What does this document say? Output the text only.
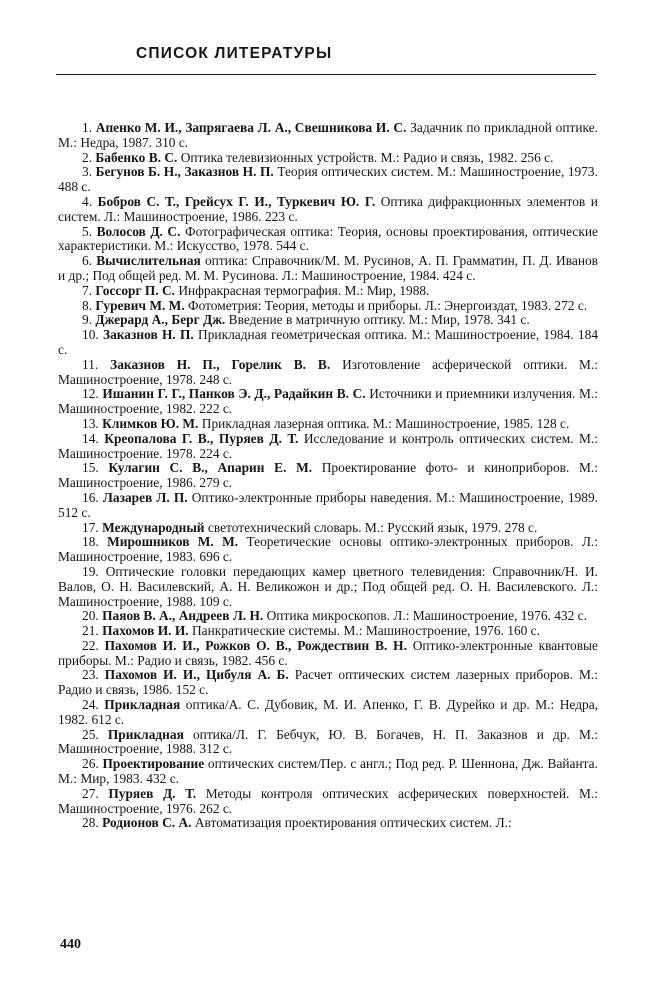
СПИСОК ЛИТЕРАТУРЫ

1. Апенко М. И., Запрягаева Л. А., Свешникова И. С. Задачник по прикладной оптике. М.: Недра, 1987. 310 с.

2. Бабенко В. С. Оптика телевизионных устройств. М.: Радио и связь, 1982. 256 с.

3. Бегунов Б. Н., Заказнов Н. П. Теория оптических систем. М.: Машиностроение, 1973. 488 с.

4. Бобров С. Т., Грейсух Г. И., Туркевич Ю. Г. Оптика дифракционных элементов и систем. Л.: Машиностроение, 1986. 223 с.

5. Волосов Д. С. Фотографическая оптика: Теория, основы проектирования, оптические характеристики. М.: Искусство, 1978. 544 с.

6. Вычислительная оптика: Справочник/М. М. Русинов, А. П. Грамматин, П. Д. Иванов и др.; Под общей ред. М. М. Русинова. Л.: Машиностроение, 1984. 424 с.

7. Госсорг П. С. Инфракрасная термография. М.: Мир, 1988.

8. Гуревич М. М. Фотометрия: Теория, методы и приборы. Л.: Энергоиздат, 1983. 272 с.

9. Джерард А., Берг Дж. Введение в матричную оптику. М.: Мир, 1978. 341 с.

10. Заказнов Н. П. Прикладная геометрическая оптика. М.: Машиностроение, 1984. 184 с.

11. Заказнов Н. П., Горелик В. В. Изготовление асферической оптики. М.: Машиностроение, 1978. 248 с.

12. Ишанин Г. Г., Панков Э. Д., Радайкин В. С. Источники и приемники излучения. М.: Машиностроение, 1982. 222 с.

13. Климков Ю. М. Прикладная лазерная оптика. М.: Машиностроение, 1985. 128 с.

14. Креопалова Г. В., Пуряев Д. Т. Исследование и контроль оптических систем. М.: Машиностроение. 1978. 224 с.

15. Кулагин С. В., Апарин Е. М. Проектирование фото- и киноприборов. М.: Машиностроение, 1986. 279 с.

16. Лазарев Л. П. Оптико-электронные приборы наведения. М.: Машиностроение, 1989. 512 с.

17. Международный светотехнический словарь. М.: Русский язык, 1979. 278 с.

18. Мирошников М. М. Теоретические основы оптико-электронных приборов. Л.: Машиностроение, 1983. 696 с.

19. Оптические головки передающих камер цветного телевидения: Справочник/Н. И. Валов, О. Н. Василевский, А. Н. Великожон и др.; Под общей ред. О. Н. Василевского. Л.: Машиностроение, 1988. 109 с.

20. Паяов В. А., Андреев Л. Н. Оптика микроскопов. Л.: Машиностроение, 1976. 432 с.

21. Пахомов И. И. Панкратические системы. М.: Машиностроение, 1976. 160 с.

22. Пахомов И. И., Рожков О. В., Рождествин В. Н. Оптико-электронные квантовые приборы. М.: Радио и связь, 1982. 456 с.

23. Пахомов И. И., Цибуля А. Б. Расчет оптических систем лазерных приборов. М.: Радио и связь, 1986. 152 с.

24. Прикладная оптика/А. С. Дубовик, М. И. Апенко, Г. В. Дурейко и др. М.: Недра, 1982. 612 с.

25. Прикладная оптика/Л. Г. Бебчук, Ю. В. Богачев, Н. П. Заказнов и др. М.: Машиностроение, 1988. 312 с.

26. Проектирование оптических систем/Пер. с англ.; Под ред. Р. Шеннона, Дж. Вайанта. М.: Мир, 1983. 432 с.

27. Пуряев Д. Т. Методы контроля оптических асферических поверхностей. М.: Машиностроение, 1976. 262 с.

28. Родионов С. А. Автоматизация проектирования оптических систем. Л.:

440
